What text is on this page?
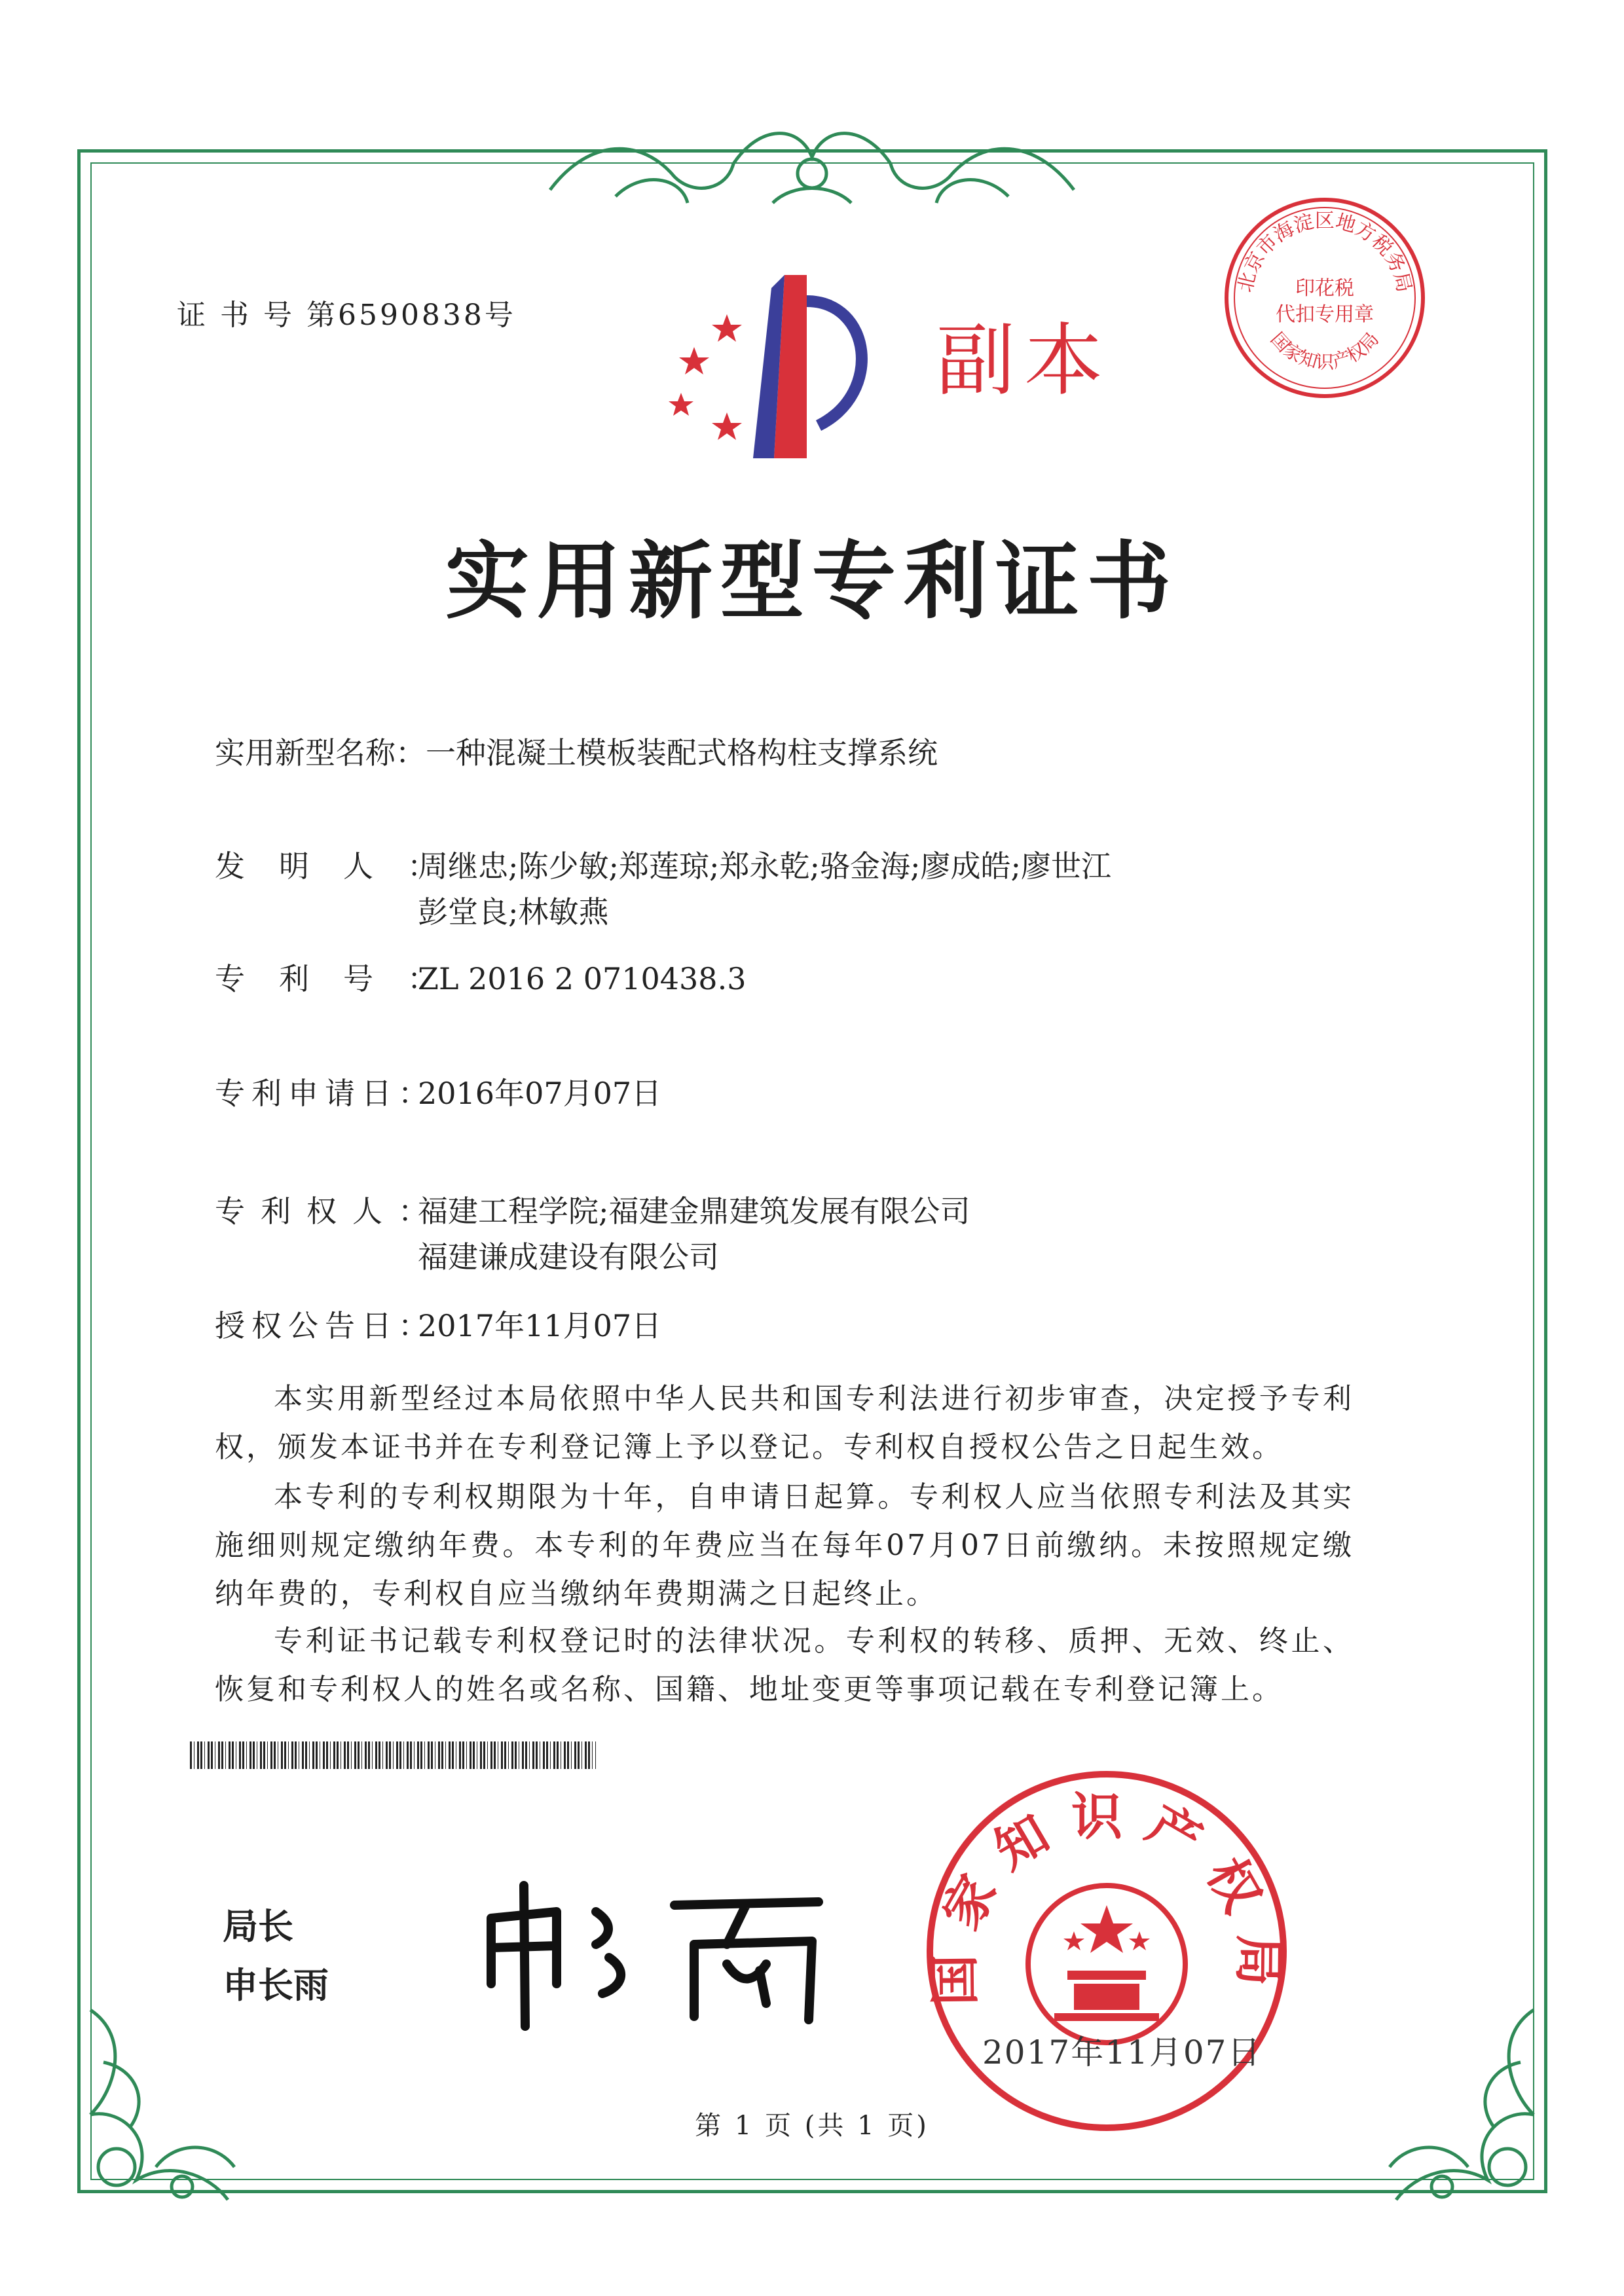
证 书 号 第6590838号
副本
北京市海淀区地方税务局
印花税
代扣专用章
国家知识产权局
实用新型专利证书
实用新型名称：一种混凝土模板装配式格构柱支撑系统
发明人：周继忠;陈少敏;郑莲琼;郑永乾;骆金海;廖成皓;廖世江
彭堂良;林敏燕
专利号：ZL 2016 2 0710438.3
专利申请日：2016年07月07日
专利权人：福建工程学院;福建金鼎建筑发展有限公司
福建谦成建设有限公司
授权公告日：2017年11月07日
本实用新型经过本局依照中华人民共和国专利法进行初步审查，决定授予专利权，颁发本证书并在专利登记簿上予以登记。专利权自授权公告之日起生效。
本专利的专利权期限为十年，自申请日起算。专利权人应当依照专利法及其实施细则规定缴纳年费。本专利的年费应当在每年07月07日前缴纳。未按照规定缴纳年费的，专利权自应当缴纳年费期满之日起终止。
专利证书记载专利权登记时的法律状况。专利权的转移、质押、无效、终止、恢复和专利权人的姓名或名称、国籍、地址变更等事项记载在专利登记簿上。
局长
申长雨	国家知识产权局
2017年11月07日
第 1 页 (共 1 页)
